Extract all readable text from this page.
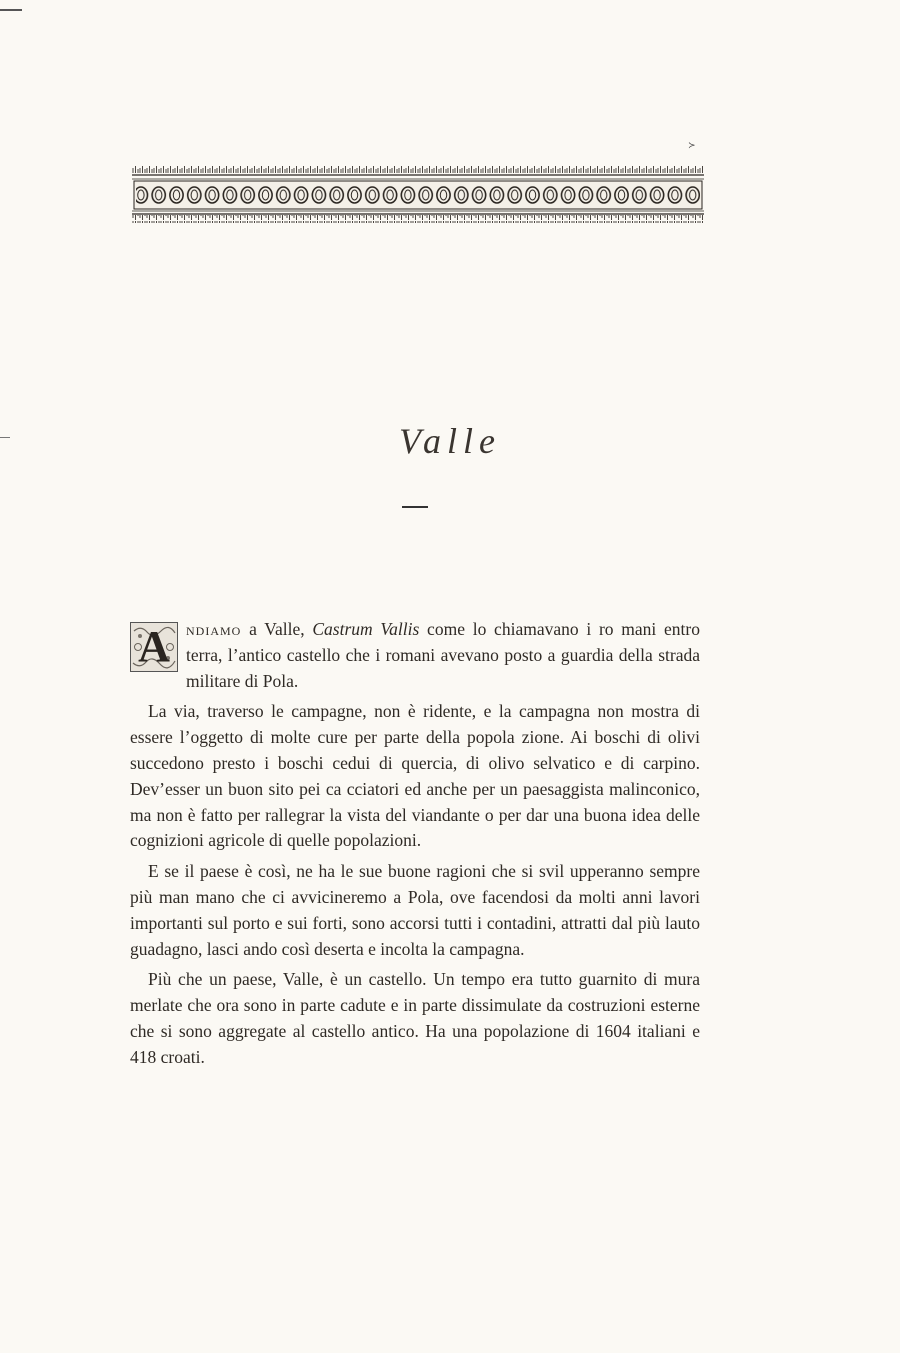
≻
Valle

A ndiamo a Valle, Castrum Vallis come lo chiamavano i ro mani entro terra, l’antico castello che i romani avevano posto a guardia della strada militare di Pola.

La via, traverso le campagne, non è ridente, e la campagna non mostra di essere l’oggetto di molte cure per parte della popola zione. Ai boschi di olivi succedono presto i boschi cedui di quercia, di olivo selvatico e di carpino. Dev’esser un buon sito pei ca cciatori ed anche per un paesaggista malinconico, ma non è fatto per rallegrar la vista del viandante o per dar una buona idea delle cognizioni agricole di quelle popolazioni.

E se il paese è così, ne ha le sue buone ragioni che si svil upperanno sempre più man mano che ci avvicineremo a Pola, ove facendosi da molti anni lavori importanti sul porto e sui forti, sono accorsi tutti i contadini, attratti dal più lauto guadagno, lasci ando così deserta e incolta la campagna.

Più che un paese, Valle, è un castello. Un tempo era tutto guarnito di mura merlate che ora sono in parte cadute e in parte dissimulate da costruzioni esterne che si sono aggregate al castello antico. Ha una popolazione di 1604 italiani e 418 croati.
